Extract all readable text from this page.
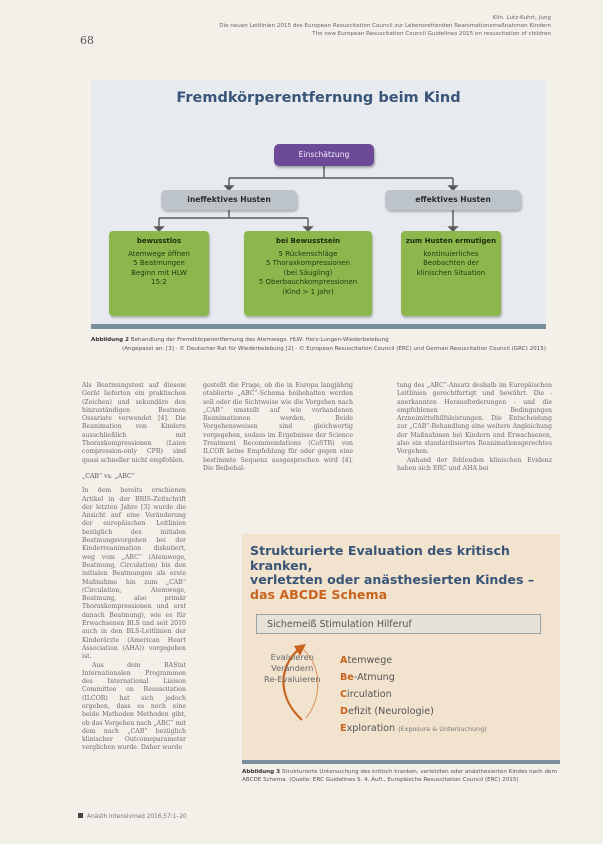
68
Klin. Lutz-Kuhrt, Jung
Die neuen Leitlinien 2015 des European Resuscitation Council zur Lebensrettenden Reanimationsmaßnahmen Kindern
The new European Resuscitation Council Guidelines 2015 on resuscitation of children
Fremdkörperentfernung beim Kind
Einschätzung
ineffektives Husten	effektives Husten
bewusstlos
Atemwege öffnen
5 Beatmungen
Beginn mit HLW
15:2
bei Bewusstsein
5 Rückenschläge
5 Thoraxkompressionen
(bei Säugling)
5 Oberbauchkompressionen
(Kind > 1 Jahr)
zum Husten ermutigen
kontinuierliches
Beobachten der
klinischen Situation
Abbildung 2 Behandlung der Fremdkörperentfernung des Atemwegs. HLW: Herz-Lungen-Wiederbelebung
(Angepasst an: [3] · © Deutscher Rat für Wiederbelebung [2] · © European Resuscitation Council (ERC) und German Resuscitation Council (GRC) 2015)

Als Beatmungstest auf diesem Gerät lieferten ein praktischen (Zeichen) und sekundäre den hinzuständigen Beatmen Ossariate verwendet [4]. Die Reanimation von Kindern ausschließlich mit Thoraxkompressionen (Laien compression-only CPR) sind quasi schneller nicht empfohlen.

„CAB“ vs. „ABC“

In dem bereits erschienen Artikel in der BRIS-Zeitschrift der letzten Jahre [3] wurde die Ansicht auf eine Veränderung der europäischen Leitlinien bezüglich des initialen Beatmungsvorgehen bei der Kinderreanimation diskutiert, weg vom „ABC“ (Atemwege, Beatmung, Circulation) bis den initialen Beatmungen als erste Maßnahme hin zum „CAB“ (Circulation, Atemwege, Beatmung, also primär Thoraxkompressionen und erst danach Beatmung), wie es für Erwachsenen BLS und seit 2010 auch in den BLS-Leitlinien der Kinderärzte (American Heart Association (AHA)) vorgegeben ist.

Aus dem BAStat Internationalen Programmen des International Liaison Committee on Resuscitation (ILCOR) hat sich jedoch ergeben, dass es noch eine beide Methoden Methoden gibt, ob das Vorgehen nach „ABC“ mit dem nach „CAB“ bezüglich klinischer Outcomeparameter verglichen wurde. Daher wurde

gestellt die Frage, ob die in Europa langjährig etablierte „ABC“-Schema beibehalten werden soll oder die Sichtweise wie die Vorgehen nach „CAB“ umstellt auf wie vorhandenen Reanimationen werden. Beide Vorgehensweisen sind gleichwertig vorgegeben, sodass im Ergebnisse der Science Treatment Recommendations (CoSTR) von ILCOR keine Empfehlung für oder gegen eine bestimmte Sequenz ausgesprochen wird [4]. Die Beibehal-

tung des „ABC“-Ansatz deshalb im Europäischen Leitlinien gerechtfertigt und bewährt. Die - anerkannten Herausforderungen - und die empfohlenen Bedingungen Arzneimittelhilfsleistungen. Die Entscheidung zur „CAB“-Behandlung eine weitere Angleichung der Maßnahmen bei Kindern und Erwachsenen, also ein standardisiertes Reanimationsgerechtes Vorgehen.

Anhand der fehlenden klinischen Evidenz haben sich ERC und AHA bei

Strukturierte Evaluation des kritisch kranken,
verletzten oder anästhesierten Kindes –
das ABCDE Schema
Sichemeiß Stimulation Hilferuf
Evaluieren
Verändern
Re-Evaluieren
Atemwege
Be-Atmung
Circulation
Defizit (Neurologie)
Exploration (Exposure & Untersuchung)
Abbildung 3 Strukturierte Untersuchung des kritisch kranken, verletzten oder anästhesierten Kindes nach dem
ABCDE Schema. (Quelle: ERC Guidelines S. 4. Aufl., Europäische Resuscitation Council (ERC) 2015)
Anästh Intensivmed 2016;57:1–20
